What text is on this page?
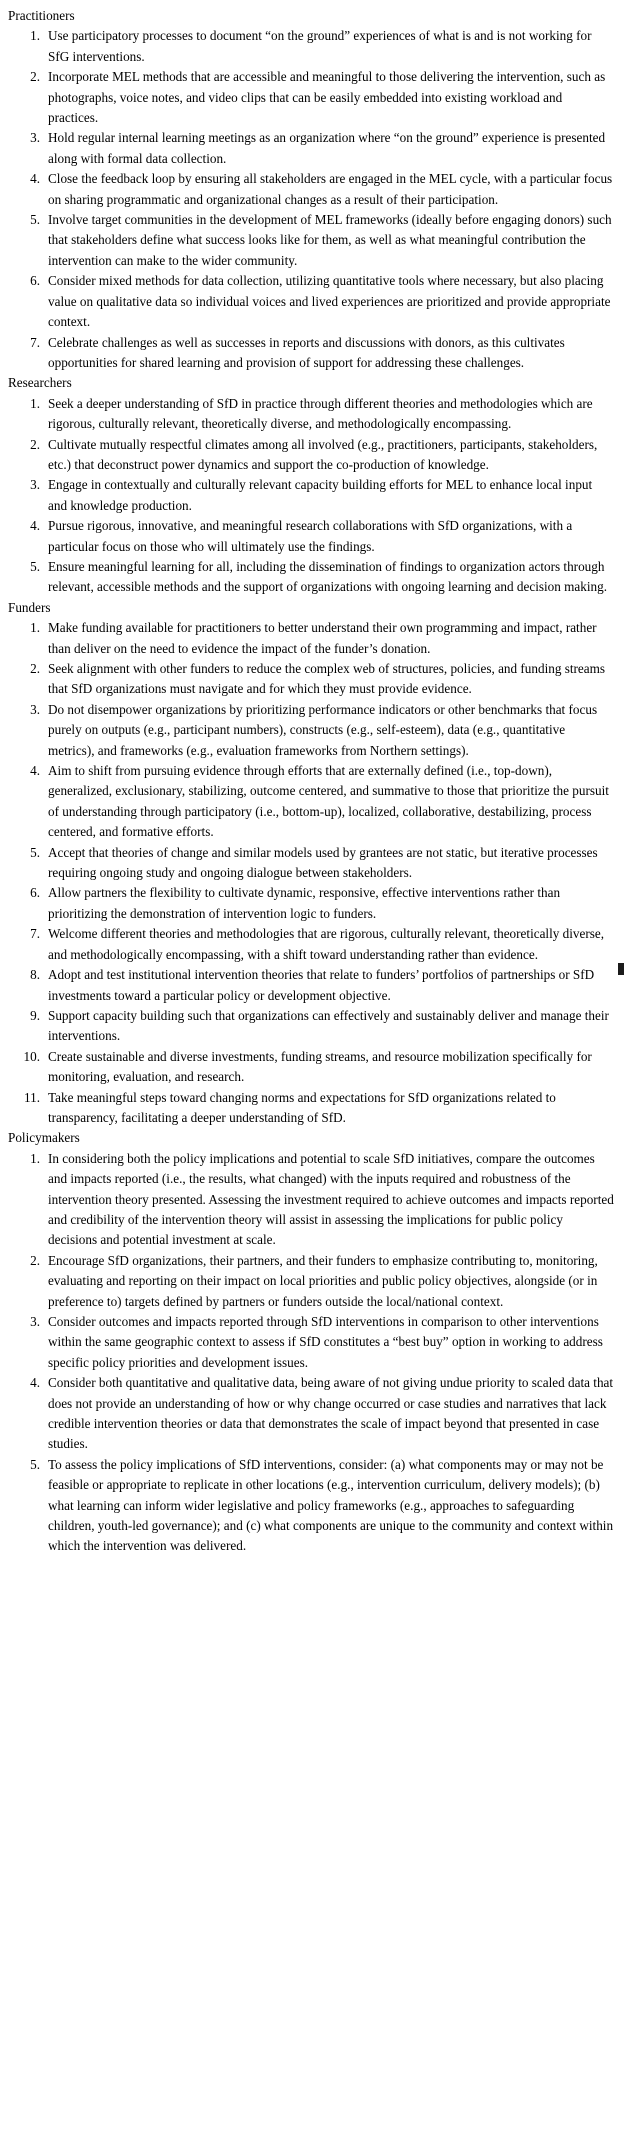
Practitioners
1. Use participatory processes to document “on the ground” experiences of what is and is not working for SfG interventions.
2. Incorporate MEL methods that are accessible and meaningful to those delivering the intervention, such as photographs, voice notes, and video clips that can be easily embedded into existing workload and practices.
3. Hold regular internal learning meetings as an organization where “on the ground” experience is presented along with formal data collection.
4. Close the feedback loop by ensuring all stakeholders are engaged in the MEL cycle, with a particular focus on sharing programmatic and organizational changes as a result of their participation.
5. Involve target communities in the development of MEL frameworks (ideally before engaging donors) such that stakeholders define what success looks like for them, as well as what meaningful contribution the intervention can make to the wider community.
6. Consider mixed methods for data collection, utilizing quantitative tools where necessary, but also placing value on qualitative data so individual voices and lived experiences are prioritized and provide appropriate context.
7. Celebrate challenges as well as successes in reports and discussions with donors, as this cultivates opportunities for shared learning and provision of support for addressing these challenges.
Researchers
1. Seek a deeper understanding of SfD in practice through different theories and methodologies which are rigorous, culturally relevant, theoretically diverse, and methodologically encompassing.
2. Cultivate mutually respectful climates among all involved (e.g., practitioners, participants, stakeholders, etc.) that deconstruct power dynamics and support the co-production of knowledge.
3. Engage in contextually and culturally relevant capacity building efforts for MEL to enhance local input and knowledge production.
4. Pursue rigorous, innovative, and meaningful research collaborations with SfD organizations, with a particular focus on those who will ultimately use the findings.
5. Ensure meaningful learning for all, including the dissemination of findings to organization actors through relevant, accessible methods and the support of organizations with ongoing learning and decision making.
Funders
1. Make funding available for practitioners to better understand their own programming and impact, rather than deliver on the need to evidence the impact of the funder’s donation.
2. Seek alignment with other funders to reduce the complex web of structures, policies, and funding streams that SfD organizations must navigate and for which they must provide evidence.
3. Do not disempower organizations by prioritizing performance indicators or other benchmarks that focus purely on outputs (e.g., participant numbers), constructs (e.g., self-esteem), data (e.g., quantitative metrics), and frameworks (e.g., evaluation frameworks from Northern settings).
4. Aim to shift from pursuing evidence through efforts that are externally defined (i.e., top-down), generalized, exclusionary, stabilizing, outcome centered, and summative to those that prioritize the pursuit of understanding through participatory (i.e., bottom-up), localized, collaborative, destabilizing, process centered, and formative efforts.
5. Accept that theories of change and similar models used by grantees are not static, but iterative processes requiring ongoing study and ongoing dialogue between stakeholders.
6. Allow partners the flexibility to cultivate dynamic, responsive, effective interventions rather than prioritizing the demonstration of intervention logic to funders.
7. Welcome different theories and methodologies that are rigorous, culturally relevant, theoretically diverse, and methodologically encompassing, with a shift toward understanding rather than evidence.
8. Adopt and test institutional intervention theories that relate to funders’ portfolios of partnerships or SfD investments toward a particular policy or development objective.
9. Support capacity building such that organizations can effectively and sustainably deliver and manage their interventions.
10. Create sustainable and diverse investments, funding streams, and resource mobilization specifically for monitoring, evaluation, and research.
11. Take meaningful steps toward changing norms and expectations for SfD organizations related to transparency, facilitating a deeper understanding of SfD.
Policymakers
1. In considering both the policy implications and potential to scale SfD initiatives, compare the outcomes and impacts reported (i.e., the results, what changed) with the inputs required and robustness of the intervention theory presented. Assessing the investment required to achieve outcomes and impacts reported and credibility of the intervention theory will assist in assessing the implications for public policy decisions and potential investment at scale.
2. Encourage SfD organizations, their partners, and their funders to emphasize contributing to, monitoring, evaluating and reporting on their impact on local priorities and public policy objectives, alongside (or in preference to) targets defined by partners or funders outside the local/national context.
3. Consider outcomes and impacts reported through SfD interventions in comparison to other interventions within the same geographic context to assess if SfD constitutes a “best buy” option in working to address specific policy priorities and development issues.
4. Consider both quantitative and qualitative data, being aware of not giving undue priority to scaled data that does not provide an understanding of how or why change occurred or case studies and narratives that lack credible intervention theories or data that demonstrates the scale of impact beyond that presented in case studies.
5. To assess the policy implications of SfD interventions, consider: (a) what components may or may not be feasible or appropriate to replicate in other locations (e.g., intervention curriculum, delivery models); (b) what learning can inform wider legislative and policy frameworks (e.g., approaches to safeguarding children, youth-led governance); and (c) what components are unique to the community and context within which the intervention was delivered.
